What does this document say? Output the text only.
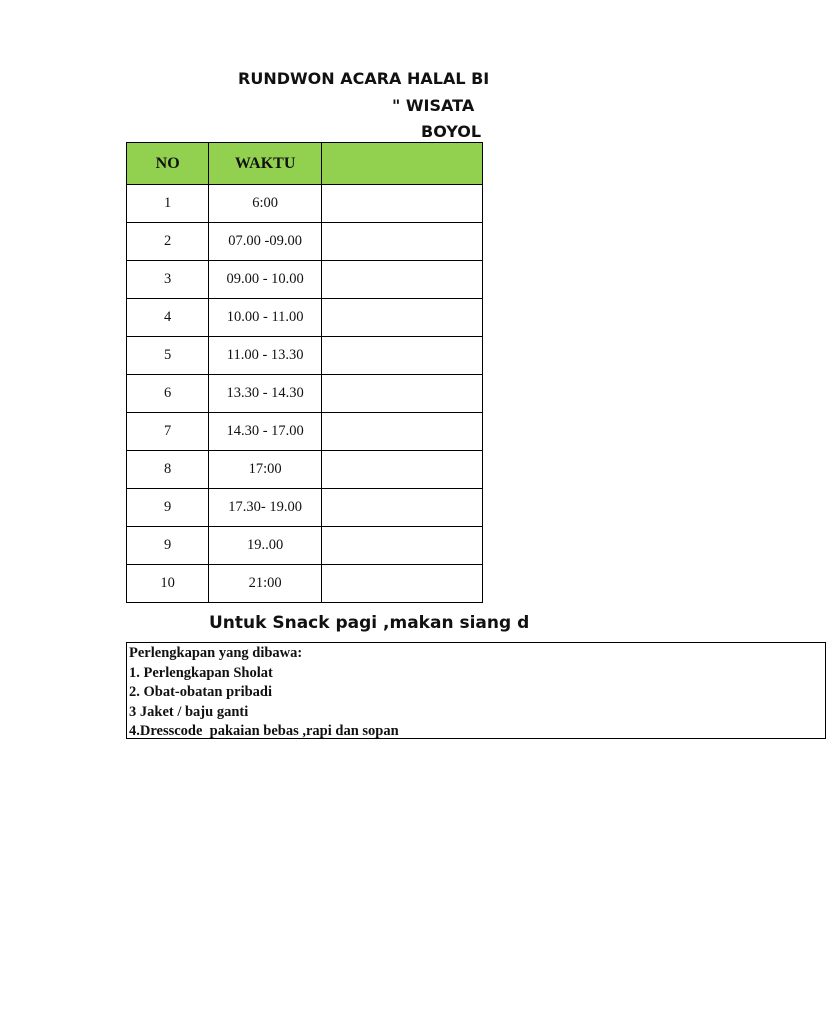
RUNDWON ACARA HALAL BI
" WISATA
BOYOL
NO	WAKTU	
1	6:00	
2	07.00 -09.00	
3	09.00 - 10.00	
4	10.00 - 11.00	
5	11.00 - 13.30	
6	13.30 - 14.30	
7	14.30 - 17.00	
8	17:00	
9	17.30- 19.00	
9	19..00	
10	21:00	
Untuk Snack pagi ,makan siang d
Perlengkapan yang dibawa:
1. Perlengkapan Sholat
2. Obat-obatan pribadi
3 Jaket / baju ganti
4.Dresscode  pakaian bebas ,rapi dan sopan
